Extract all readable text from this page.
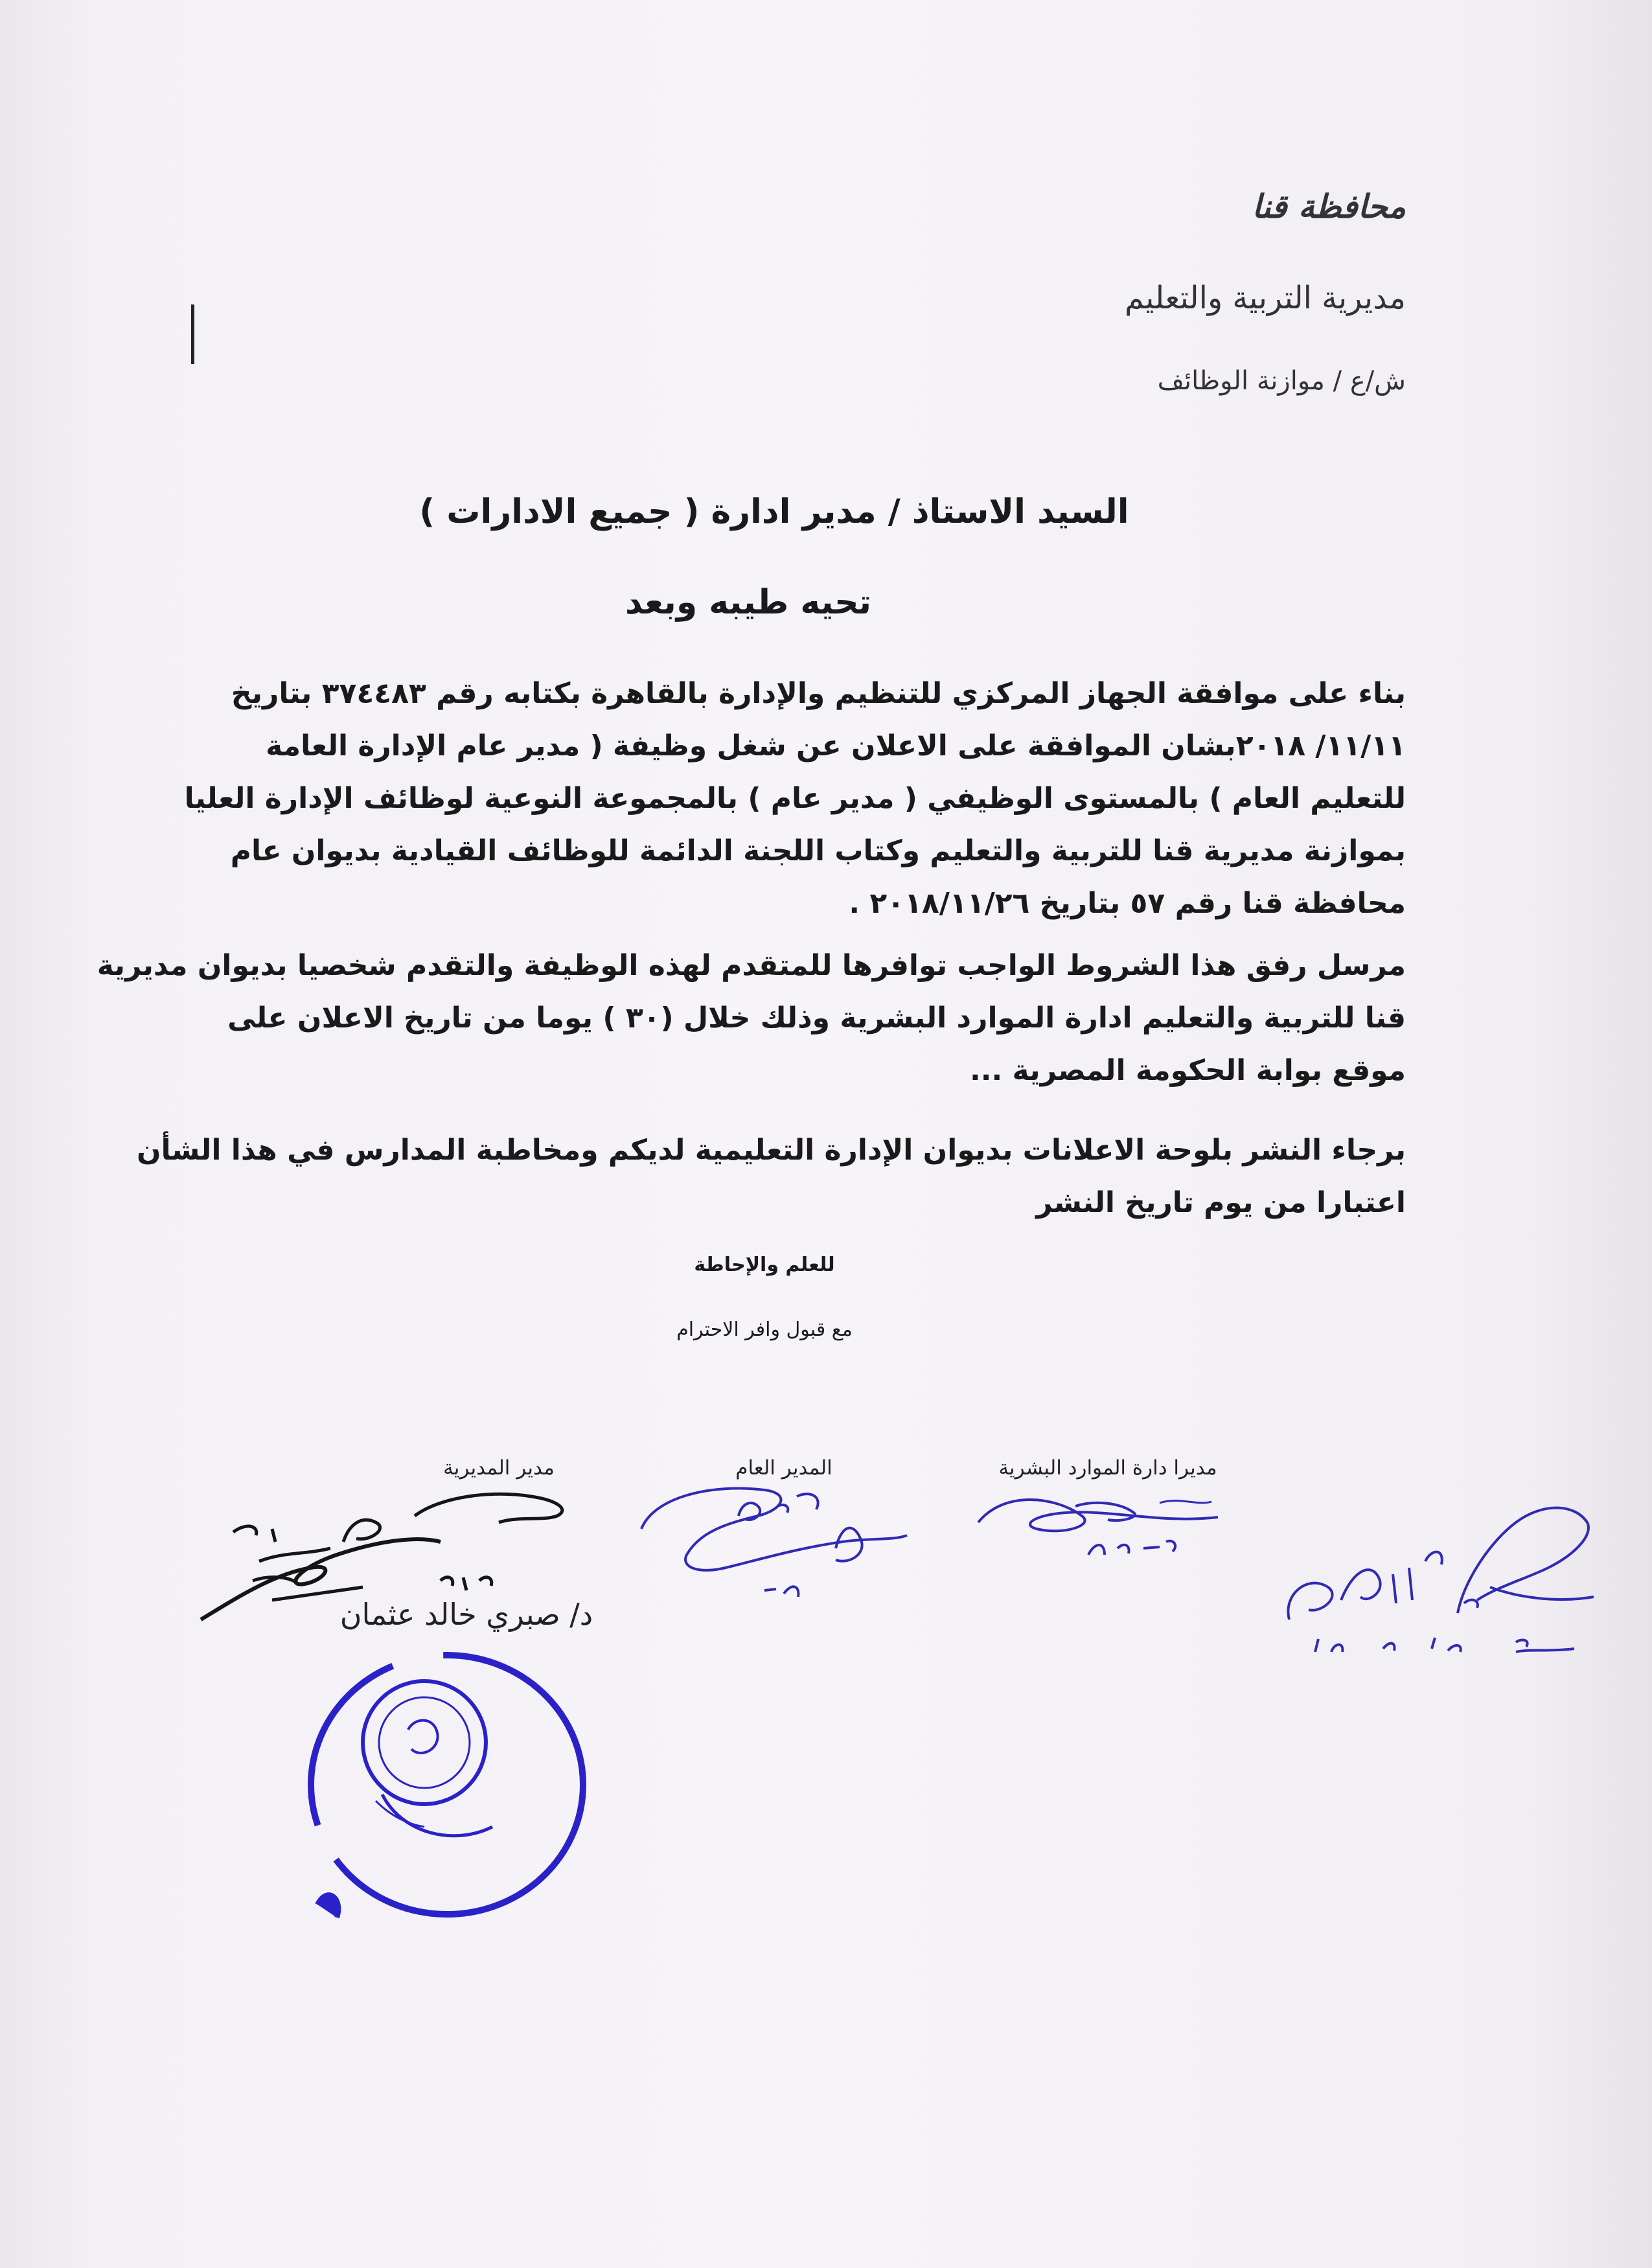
محافظة قنا
مديرية التربية والتعليم
ش/ع / موازنة الوظائف
السيد الاستاذ / مدير ادارة ( جميع الادارات )
تحيه طيبه وبعد
بناء على موافقة الجهاز المركزي للتنظيم والإدارة بالقاهرة بكتابه رقم ٣٧٤٤٨٣ بتاريخ
١١/١١/ ٢٠١٨بشان الموافقة على الاعلان عن شغل وظيفة ( مدير عام الإدارة العامة
للتعليم العام ) بالمستوى الوظيفي ( مدير عام ) بالمجموعة النوعية لوظائف الإدارة العليا
بموازنة مديرية قنا للتربية والتعليم وكتاب اللجنة الدائمة للوظائف القيادية بديوان عام
محافظة قنا رقم ٥٧ بتاريخ ٢٠١٨/١١/٢٦ .
مرسل رفق هذا الشروط الواجب توافرها للمتقدم لهذه الوظيفة والتقدم شخصيا بديوان مديرية
قنا للتربية والتعليم ادارة الموارد البشرية وذلك خلال (٣٠ ) يوما من تاريخ الاعلان على
موقع بوابة الحكومة المصرية ...
برجاء النشر بلوحة الاعلانات بديوان الإدارة التعليمية لديكم ومخاطبة المدارس في هذا الشأن
اعتبارا من يوم تاريخ النشر
للعلم والإحاطة
مع قبول وافر الاحترام
مديرا دارة الموارد البشرية
المدير العام
مدير المديرية
د/ صبري خالد عثمان
